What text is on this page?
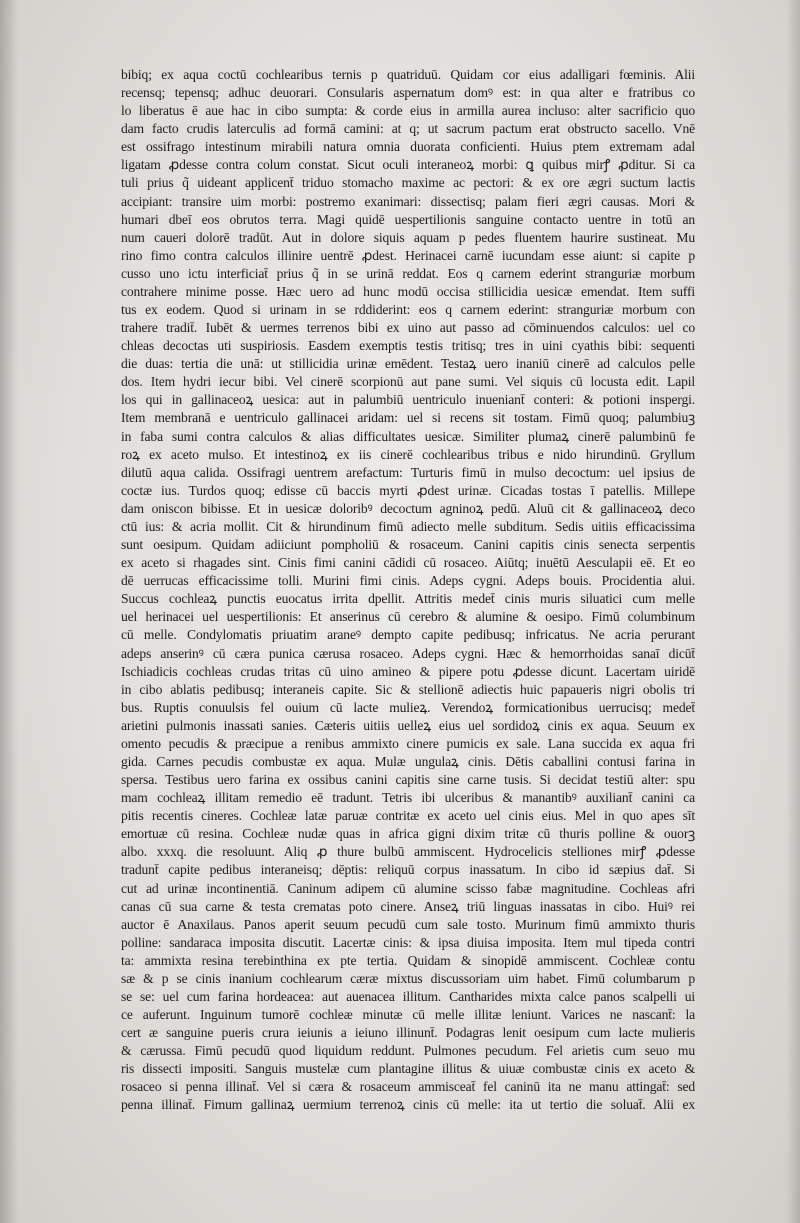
bibiq; ex aqua coctū cochlearibus ternis p quatriduū. Quidam cor eius adalligari fœminis. Alii
recensq; tepensq; adhuc deuorari. Consularis aspernatum domꝰ est: in qua alter e fratribus co
lo liberatus ē aue hac in cibo sumpta: & corde eius in armilla aurea incluso: alter sacrificio quo
dam facto crudis laterculis ad formā camini: at q; ut sacrum pactum erat obstructo sacello. Vnē
est ossifrago intestinum mirabili natura omnia duorata conficienti. Huius ptem extremam adal
ligatam ꝓdesse contra colum constat. Sicut oculi interaneoꝝ morbi: ꝗ quibus mirꝭ ꝓditur. Si ca
tuli prius q̃ uideant applicent̄ triduo stomacho maxime ac pectori: & ex ore ægri suctum lactis
accipiant: transire uim morbi: postremo exanimari: dissectisq; palam fieri ægri causas. Mori &
humari dbeī eos obrutos terra. Magi quidē uespertilionis sanguine contacto uentre in totū an
num caueri dolorē tradūt. Aut in dolore siquis aquam p pedes fluentem haurire sustineat. Mu
rino fimo contra calculos illinire uentrē ꝓdest. Herinacei carnē iucundam esse aiunt: si capite p
cusso uno ictu interficiat̄ prius q̃ in se urinā reddat. Eos q carnem ederint stranguriæ morbum
contrahere minime posse. Hæc uero ad hunc modū occisa stillicidia uesicæ emendat. Item suffi
tus ex eodem. Quod si urinam in se rddiderint: eos q carnem ederint: stranguriæ morbum con
trahere tradit̄. Iubēt & uermes terrenos bibi ex uino aut passo ad cōminuendos calculos: uel co
chleas decoctas uti suspiriosis. Easdem exemptis testis tritisq; tres in uini cyathis bibi: sequenti
die duas: tertia die unā: ut stillicidia urinæ emēdent. Testaꝝ uero inaniū cinerē ad calculos pelle
dos. Item hydri iecur bibi. Vel cinerē scorpionū aut pane sumi. Vel siquis cū locusta edit. Lapil
los qui in gallinaceoꝝ uesica: aut in palumbiū uentriculo inueniant̄ conteri: & potioni inspergi.
Item membranā e uentriculo gallinacei aridam: uel si recens sit tostam. Fimū quoq; palumbiuꝫ
in faba sumi contra calculos & alias difficultates uesicæ. Similiter plumaꝝ cinerē palumbinū fe
roꝝ ex aceto mulso. Et intestinoꝝ ex iis cinerē cochlearibus tribus e nido hirundinū. Gryllum
dilutū aqua calida. Ossifragi uentrem arefactum: Turturis fimū in mulso decoctum: uel ipsius de
coctæ ius. Turdos quoq; edisse cū baccis myrti ꝓdest urinæ. Cicadas tostas ī patellis. Millepe
dam oniscon bibisse. Et in uesicæ doloribꝰ decoctum agninoꝝ pedū. Aluū cit & gallinaceoꝝ deco
ctū ius: & acria mollit. Cit & hirundinum fimū adiecto melle subditum. Sedis uitiis efficacissima
sunt oesipum. Quidam adiiciunt pompholiū & rosaceum. Canini capitis cinis senecta serpentis
ex aceto si rhagades sint. Cinis fimi canini cādidi cū rosaceo. Aiūtq; inuētū Aesculapii eē. Et eo
dē uerrucas efficacissime tolli. Murini fimi cinis. Adeps cygni. Adeps bouis. Procidentia alui.
Succus cochleaꝝ punctis euocatus irrita dpellit. Attritis medet̄ cinis muris siluatici cum melle
uel herinacei uel uespertilionis: Et anserinus cū cerebro & alumine & oesipo. Fimū columbinum
cū melle. Condylomatis priuatim araneꝰ dempto capite pedibusq; infricatus. Ne acria perurant
adeps anserinꝰ cū cæra punica cærusa rosaceo. Adeps cygni. Hæc & hemorrhoidas sanaī dicūt̄
Ischiadicis cochleas crudas tritas cū uino amineo & pipere potu ꝓdesse dicunt. Lacertam uiridē
in cibo ablatis pedibusq; interaneis capite. Sic & stellionē adiectis huic papaueris nigri obolis tri
bus. Ruptis conuulsis fel ouium cū lacte mulieꝝ. Verendoꝝ formicationibus uerrucisq; medet̄
arietini pulmonis inassati sanies. Cæteris uitiis uelleꝝ eius uel sordidoꝝ cinis ex aqua. Seuum ex
omento pecudis & præcipue a renibus ammixto cinere pumicis ex sale. Lana succida ex aqua fri
gida. Carnes pecudis combustæ ex aqua. Mulæ ungulaꝝ cinis. Dētis caballini contusi farina in
spersa. Testibus uero farina ex ossibus canini capitis sine carne tusis. Si decidat testiū alter: spu
mam cochleaꝝ illitam remedio eē tradunt. Tetris ibi ulceribus & manantibꝰ auxiliant̄ canini ca
pitis recentis cineres. Cochleæ latæ paruæ contritæ ex aceto uel cinis eius. Mel in quo apes sīt
emortuæ cū resina. Cochleæ nudæ quas in africa gigni dixim tritæ cū thuris polline & ouorꝫ
albo. xxxq. die resoluunt. Aliq ꝓ thure bulbū ammiscent. Hydrocelicis stelliones mirꝭ ꝓdesse
tradunt̄ capite pedibus interaneisq; dēptis: reliquū corpus inassatum. In cibo id sæpius dat̄. Si
cut ad urinæ incontinentiā. Caninum adipem cū alumine scisso fabæ magnitudine. Cochleas afri
canas cū sua carne & testa crematas poto cinere. Anseꝝ triū linguas inassatas in cibo. Huiꝰ rei
auctor ē Anaxilaus. Panos aperit seuum pecudū cum sale tosto. Murinum fimū ammixto thuris
polline: sandaraca imposita discutit. Lacertæ cinis: & ipsa diuisa imposita. Item mul tipeda contri
ta: ammixta resina terebinthina ex pte tertia. Quidam & sinopidē ammiscent. Cochleæ contu
sæ & p se cinis inanium cochlearum cæræ mixtus discussoriam uim habet. Fimū columbarum p
se se: uel cum farina hordeacea: aut auenacea illitum. Cantharides mixta calce panos scalpelli ui
ce auferunt. Inguinum tumorē cochleæ minutæ cū melle illitæ leniunt. Varices ne nascant̄: la
cert æ sanguine pueris crura ieiunis a ieiuno illinunt̄. Podagras lenit oesipum cum lacte mulieris
& cærussa. Fimū pecudū quod liquidum reddunt. Pulmones pecudum. Fel arietis cum seuo mu
ris dissecti impositi. Sanguis mustelæ cum plantagine illitus & uiuæ combustæ cinis ex aceto &
rosaceo si penna illinat̄. Vel si cæra & rosaceum ammisceat̄ fel caninū ita ne manu attingat̄: sed
penna illinat̄. Fimum gallinaꝝ uermium terrenoꝝ cinis cū melle: ita ut tertio die soluat̄. Alii ex
